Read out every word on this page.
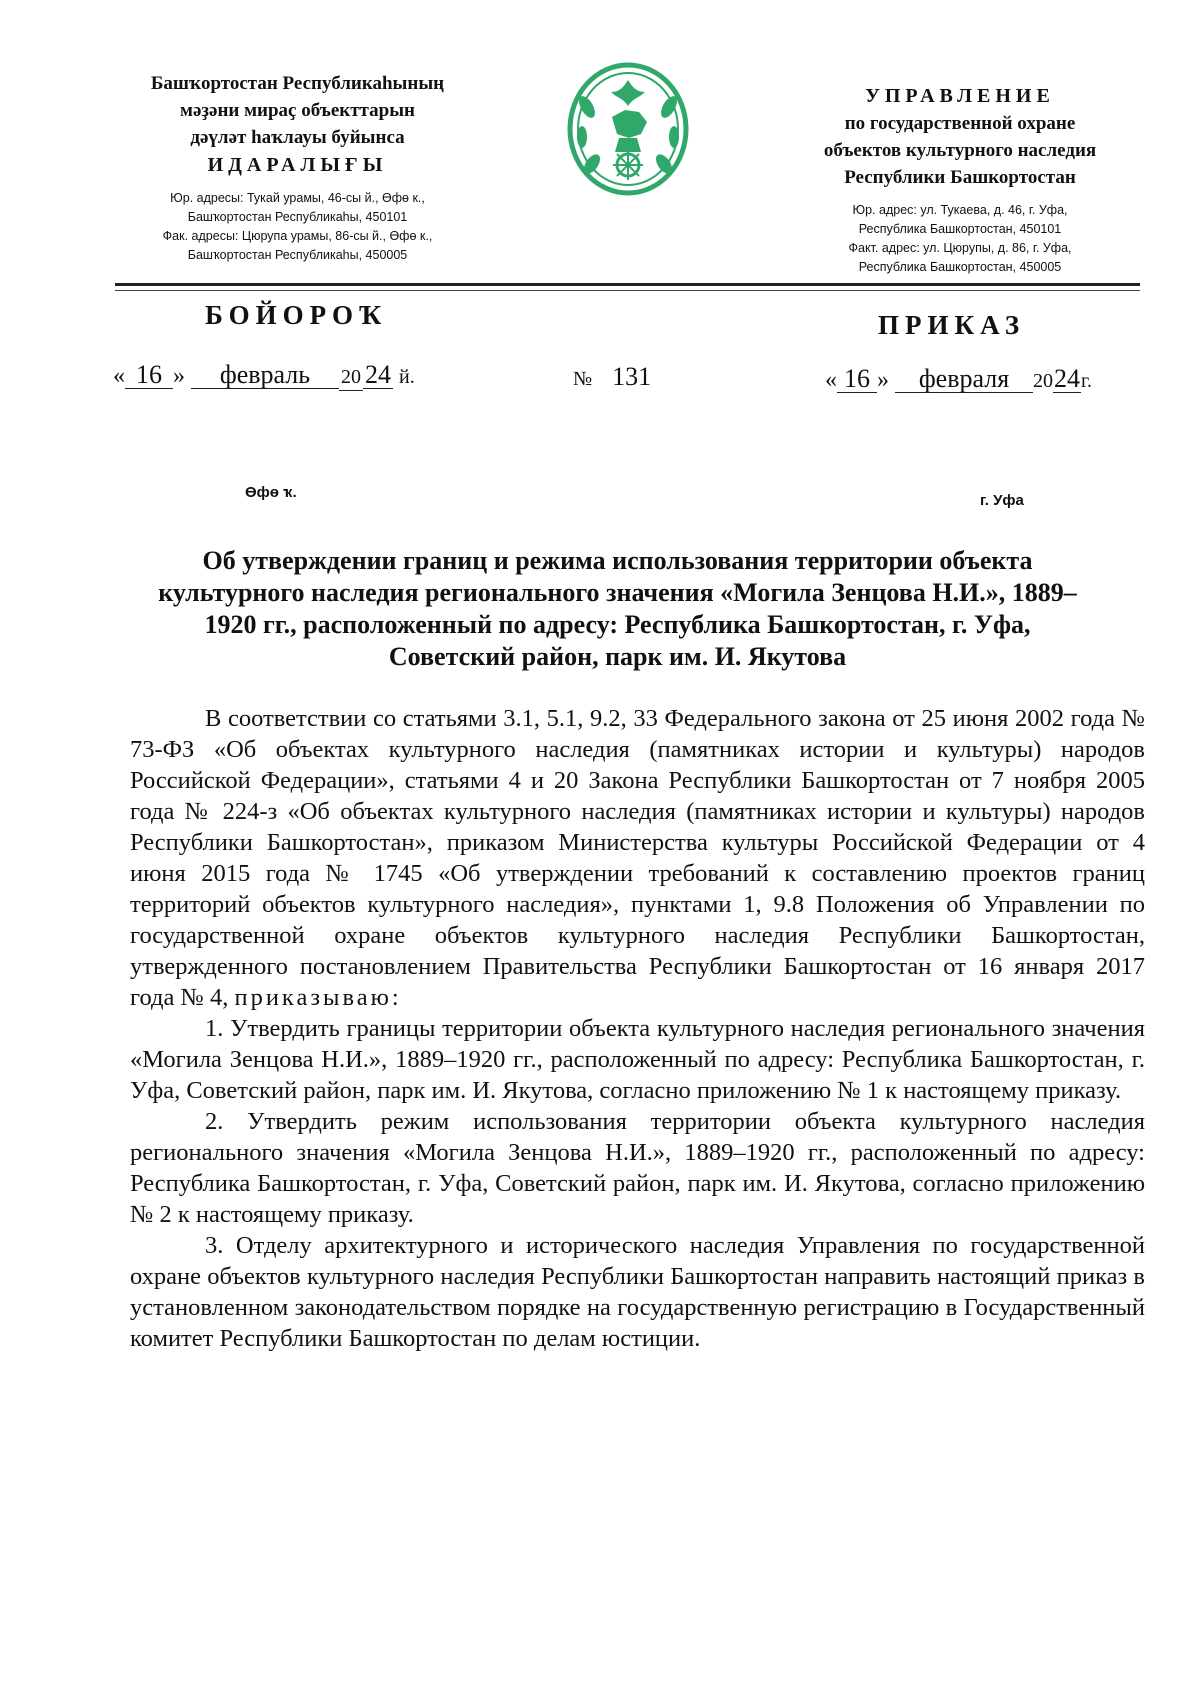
Башҡортостан Республикаһының

мәҙәни мираҫ объекттарын

дәүләт һаҡлауы буйынса

ИДАРАЛЫҒЫ

Юр. адресы: Тукай урамы, 46-сы й., Өфө к.,

Башҡортостан Республикаһы, 450101

Фак. адресы: Цюрупа урамы, 86-сы й., Өфө к.,

Башҡортостан Республикаһы, 450005

УПРАВЛЕНИЕ

по государственной охране

объектов культурного наследия

Республики Башкортостан

Юр. адрес: ул. Тукаева, д. 46, г. Уфа,

Республика Башкортостан, 450101

Факт. адрес: ул. Цюрупы, д. 86, г. Уфа,

Республика Башкортостан, 450005

БОЙОРОҠ	ПРИКАЗ
« 16 » февраль 20 24 й.	№ 131	« 16 » февраля 2024г.
Өфө ҡ.	г. Уфа
Об утверждении границ и режима использования территории объекта культурного наследия регионального значения «Могила Зенцова Н.И.», 1889–1920 гг., расположенный по адресу: Республика Башкортостан, г. Уфа, Советский район, парк им. И. Якутова

В соответствии со статьями 3.1, 5.1, 9.2, 33 Федерального закона от 25 июня 2002 года № 73-ФЗ «Об объектах культурного наследия (памятниках истории и культуры) народов Российской Федерации», статьями 4 и 20 Закона Республики Башкортостан от 7 ноября 2005 года № 224-з «Об объектах культурного наследия (памятниках истории и культуры) народов Республики Башкортостан», приказом Министерства культуры Российской Федерации от 4 июня 2015 года № 1745 «Об утверждении требований к составлению проектов границ территорий объектов культурного наследия», пунктами 1, 9.8 Положения об Управлении по государственной охране объектов культурного наследия Республики Башкортостан, утвержденного постановлением Правительства Республики Башкортостан от 16 января 2017 года № 4, приказываю:

1. Утвердить границы территории объекта культурного наследия регионального значения «Могила Зенцова Н.И.», 1889–1920 гг., расположенный по адресу: Республика Башкортостан, г. Уфа, Советский район, парк им. И. Якутова, согласно приложению № 1 к настоящему приказу.

2. Утвердить режим использования территории объекта культурного наследия регионального значения «Могила Зенцова Н.И.», 1889–1920 гг., расположенный по адресу: Республика Башкортостан, г. Уфа, Советский район, парк им. И. Якутова, согласно приложению № 2 к настоящему приказу.

3. Отделу архитектурного и исторического наследия Управления по государственной охране объектов культурного наследия Республики Башкортостан направить настоящий приказ в установленном законодательством порядке на государственную регистрацию в Государственный комитет Республики Башкортостан по делам юстиции.
